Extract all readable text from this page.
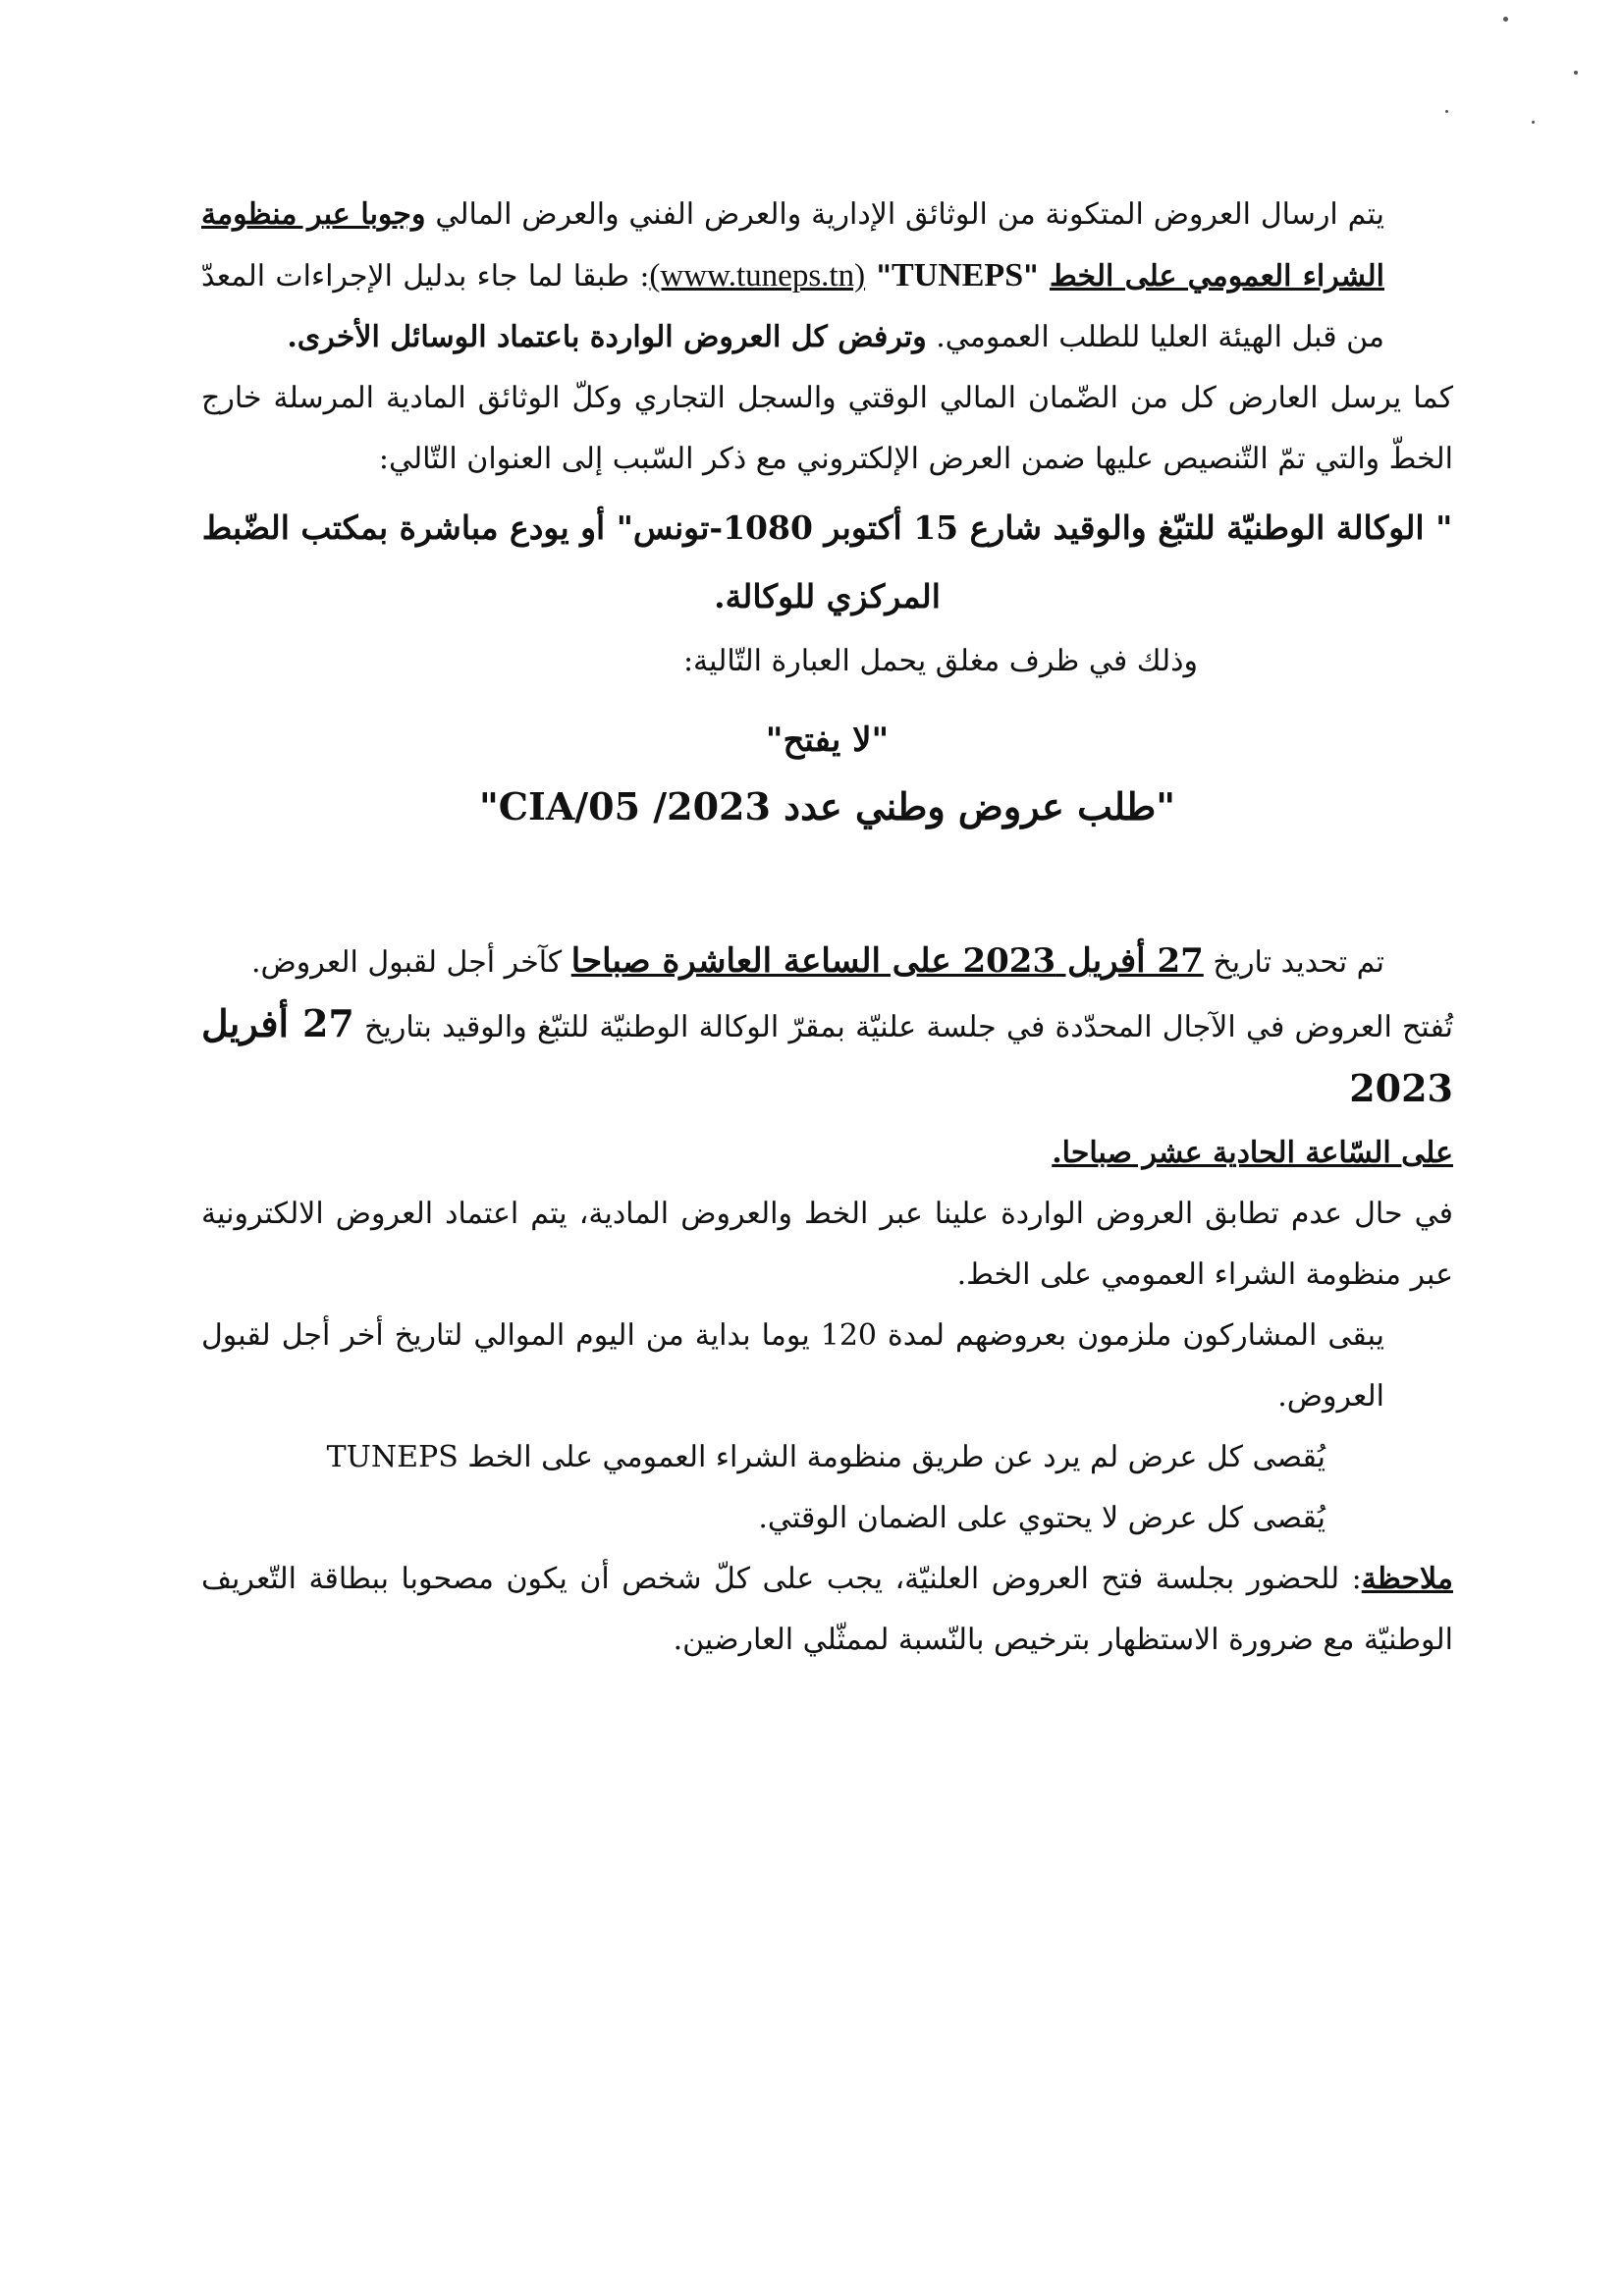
يتم ارسال العروض المتكونة من الوثائق الإدارية والعرض الفني والعرض المالي وجوبا عبر منظومة الشراء العمومي على الخط "TUNEPS" (www.tuneps.tn): طبقا لما جاء بدليل الإجراءات المعدّ من قبل الهيئة العليا للطلب العمومي. وترفض كل العروض الواردة باعتماد الوسائل الأخرى.

كما يرسل العارض كل من الضّمان المالي الوقتي والسجل التجاري وكلّ الوثائق المادية المرسلة خارج الخطّ والتي تمّ التّنصيص عليها ضمن العرض الإلكتروني مع ذكر السّبب إلى العنوان التّالي:

" الوكالة الوطنيّة للتبّغ والوقيد شارع 15 أكتوبر 1080-تونس" أو يودع مباشرة بمكتب الضّبط المركزي للوكالة.

وذلك في ظرف مغلق يحمل العبارة التّالية:

"لا يفتح"

"طلب عروض وطني عدد 2023/ CIA/05"

تم تحديد تاريخ 27 أفريل 2023 على الساعة العاشرة صباحا كآخر أجل لقبول العروض.

تُفتح العروض في الآجال المحدّدة في جلسة علنيّة بمقرّ الوكالة الوطنيّة للتبّغ والوقيد بتاريخ 27 أفريل 2023
على السّاعة الحادية عشر صباحا.

في حال عدم تطابق العروض الواردة علينا عبر الخط والعروض المادية، يتم اعتماد العروض الالكترونية عبر منظومة الشراء العمومي على الخط.

يبقى المشاركون ملزمون بعروضهم لمدة 120 يوما بداية من اليوم الموالي لتاريخ أخر أجل لقبول العروض.

يُقصى كل عرض لم يرد عن طريق منظومة الشراء العمومي على الخط TUNEPS

يُقصى كل عرض لا يحتوي على الضمان الوقتي.

ملاحظة: للحضور بجلسة فتح العروض العلنيّة، يجب على كلّ شخص أن يكون مصحوبا ببطاقة التّعريف الوطنيّة مع ضرورة الاستظهار بترخيص بالنّسبة لممثّلي العارضين.
